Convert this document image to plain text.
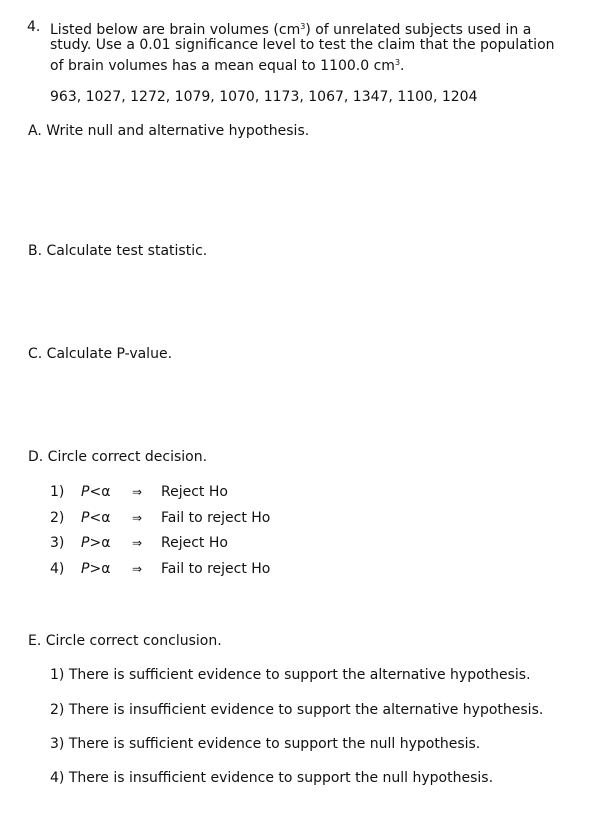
4. Listed below are brain volumes $(cm^3)$ of unrelated subjects used in a
study. Use a 0.01 significance level to test the claim that the population
of brain volumes has a mean equal to 1100.0 $cm^3$.
963, 1027, 1272, 1079, 1070, 1173, 1067, 1347, 1100, 1204
A. Write null and alternative hypothesis.
B. Calculate test statistic.
C. Calculate P-value.
D. Circle correct decision.
1) P<α ⇒ Reject Ho
2) P<α ⇒ Fail to reject Ho
3) P>α ⇒ Reject Ho
4) P>α ⇒ Fail to reject Ho
E. Circle correct conclusion.
1) There is sufficient evidence to support the alternative hypothesis.
2) There is insufficient evidence to support the alternative hypothesis.
3) There is sufficient evidence to support the null hypothesis.
4) There is insufficient evidence to support the null hypothesis.
